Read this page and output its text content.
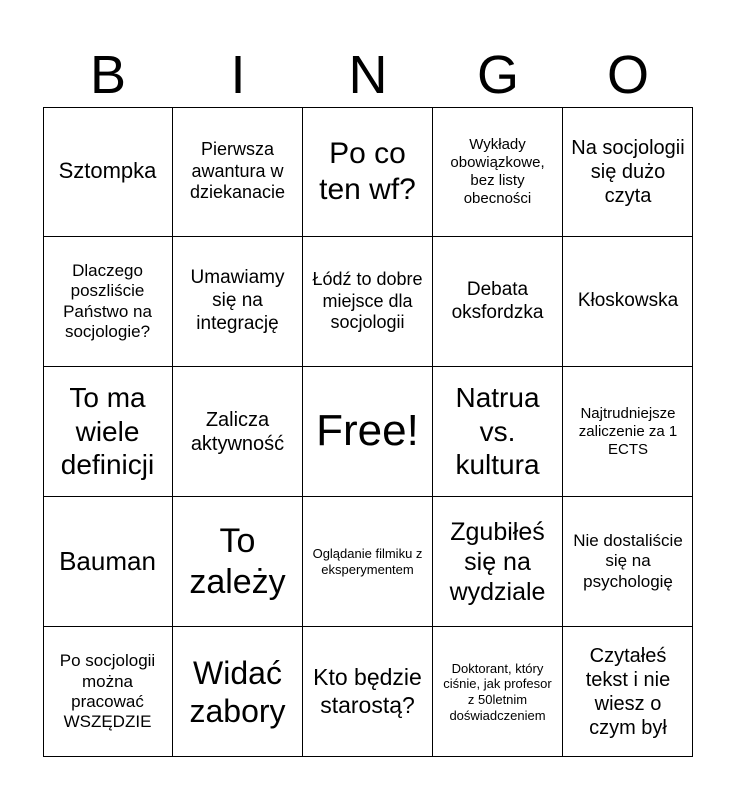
B	I	N	G	O
Sztompka
Pierwsza awantura w dziekanacie
Po co ten wf?
Wykłady obowiązkowe, bez listy obecności
Na socjologii się dużo czyta
Dlaczego poszliście Państwo na socjologie?
Umawiamy się na integrację
Łódź to dobre miejsce dla socjologii
Debata oksfordzka
Kłoskowska
To ma wiele definicji
Zalicza aktywność Free!
Natrua vs. kultura
Najtrudniejsze zaliczenie za 1 ECTS
Bauman
To zależy
Oglądanie filmiku z eksperymentem
Zgubiłeś się na wydziale
Nie dostaliście się na psychologię
Po socjologii można pracować WSZĘDZIE
Widać zabory
Kto będzie starostą?
Doktorant, który ciśnie, jak profesor z 50letnim doświadczeniem
Czytałeś tekst i nie wiesz o czym był
